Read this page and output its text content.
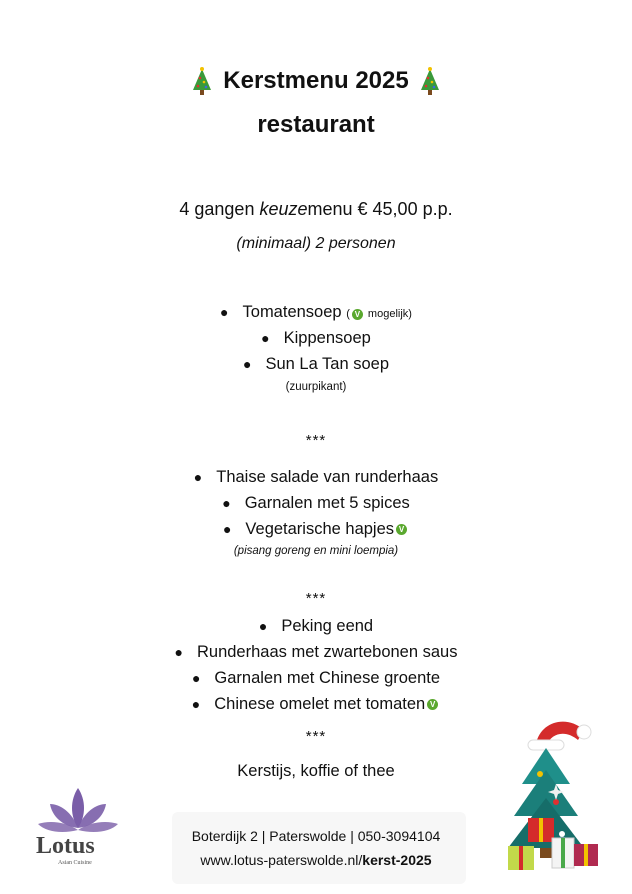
Kerstmenu 2025
restaurant
4 gangen keuzemenu € 45,00 p.p.
(minimaal) 2 personen
● Tomatensoep ( V mogelijk)
● Kippensoep
● Sun La Tan soep
(zuurpikant)
***
● Thaise salade van runderhaas
● Garnalen met 5 spices
● Vegetarische hapjes V
(pisang goreng en mini loempia)
***
● Peking eend
● Runderhaas met zwartebonen saus
● Garnalen met Chinese groente
● Chinese omelet met tomaten V
***
Kerstijs, koffie of thee
Boterdijk 2 | Paterswolde | 050-3094104
www.lotus-paterswolde.nl/kerst-2025
Lotus
Asian Cuisine
